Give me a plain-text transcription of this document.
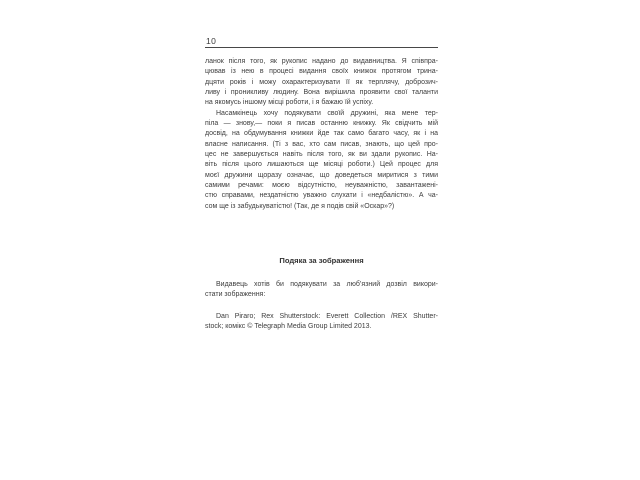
10
ланок після того, як рукопис надано до видавництва. Я співпра-
цював із нею в процесі видання своїх книжок протягом трина-
дцяти років і можу охарактеризувати її як терплячу, доброзич-
ливу і проникливу людину. Вона вирішила проявити свої таланти
на якомусь іншому місці роботи, і я бажаю їй успіху.
Насамкінець хочу подякувати своїй дружині, яка мене тер-
піла — знову,— поки я писав останню книжку. Як свідчить мій
досвід, на обдумування книжки йде так само багато часу, як і на
власне написання. (Ті з вас, хто сам писав, знають, що цей про-
цес не завершується навіть після того, як ви здали рукопис. На-
віть після цього лишаються ще місяці роботи.) Цей процес для
моєї дружини щоразу означає, що доведеться миритися з тими
самими речами: моєю відсутністю, неуважністю, завантажені-
стю справами, нездатністю уважно слухати і «недбалістю». А ча-
сом ще із забудькуватістю! (Так, де я подів свій «Оскар»?)
Подяка за зображення
Видавець хотів би подякувати за люб’язний дозвіл викори-
стати зображення:
Dan Piraro; Rex Shutterstock: Everett Collection /REX Shutter-
stock; комікс © Telegraph Media Group Limited 2013.
